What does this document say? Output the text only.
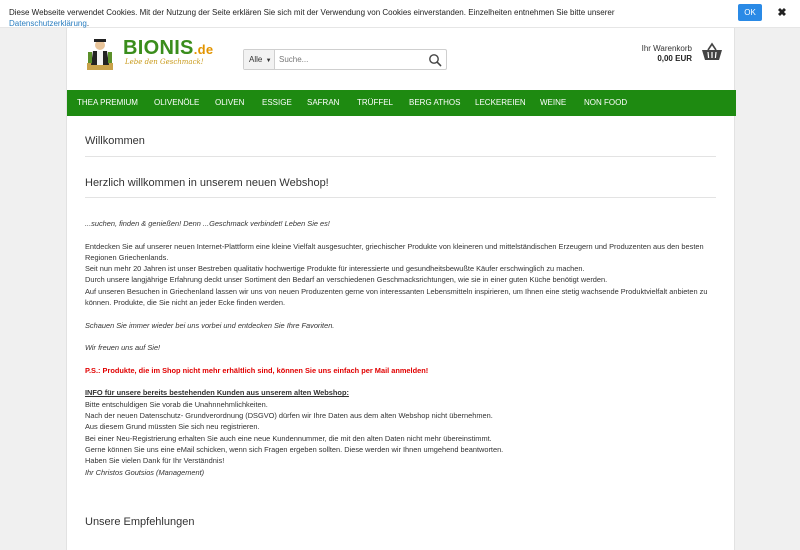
Diese Webseite verwendet Cookies. Mit der Nutzung der Seite erklären Sie sich mit der Verwendung von Cookies einverstanden. Einzelheiten entnehmen Sie bitte unserer
Datenschutzerklärung.
OK	✖
BIONIS.de
Lebe den Geschmack!	Alle ▼
Suche...
Ihr Warenkorb
0,00 EUR
THEA PREMIUM OLIVENÖLE OLIVEN ESSIGE SAFRAN TRÜFFEL BERG ATHOS LECKEREIEN WEINE NON FOOD
Willkommen
Herzlich willkommen in unserem neuen Webshop!

...suchen, finden & genießen! Denn ...Geschmack verbindet! Leben Sie es!

Entdecken Sie auf unserer neuen Internet-Plattform eine kleine Vielfalt ausgesuchter, griechischer Produkte von kleineren und mittelständischen Erzeugern und Produzenten aus den besten Regionen Griechenlands.

Seit nun mehr 20 Jahren ist unser Bestreben qualitativ hochwertige Produkte für interessierte und gesundheitsbewußte Käufer erschwinglich zu machen.

Durch unsere langjährige Erfahrung deckt unser Sortiment den Bedarf an verschiedenen Geschmacksrichtungen, wie sie in einer guten Küche benötigt werden.

Auf unseren Besuchen in Griechenland lassen wir uns von neuen Produzenten gerne von interessanten Lebensmitteln inspirieren, um Ihnen eine stetig wachsende Produktvielfalt anbieten zu können. Produkte, die Sie nicht an jeder Ecke finden werden.

Schauen Sie immer wieder bei uns vorbei und entdecken Sie Ihre Favoriten.

Wir freuen uns auf Sie!

P.S.: Produkte, die im Shop nicht mehr erhältlich sind, können Sie uns einfach per Mail anmelden!

INFO für unsere bereits bestehenden Kunden aus unserem alten Webshop:

Bitte entschuldigen Sie vorab die Unahnnehmlichkeiten.

Nach der neuen Datenschutz- Grundverordnung (DSGVO) dürfen wir Ihre Daten aus dem alten Webshop nicht übernehmen.

Aus diesem Grund müssten Sie sich neu registrieren.

Bei einer Neu-Registrierung erhalten Sie auch eine neue Kundennummer, die mit den alten Daten nicht mehr übereinstimmt.

Gerne können Sie uns eine eMail schicken, wenn sich Fragen ergeben sollten. Diese werden wir Ihnen umgehend beantworten.

Haben Sie vielen Dank für Ihr Verständnis!

Ihr Christos Goutsios (Management)

Unsere Empfehlungen
